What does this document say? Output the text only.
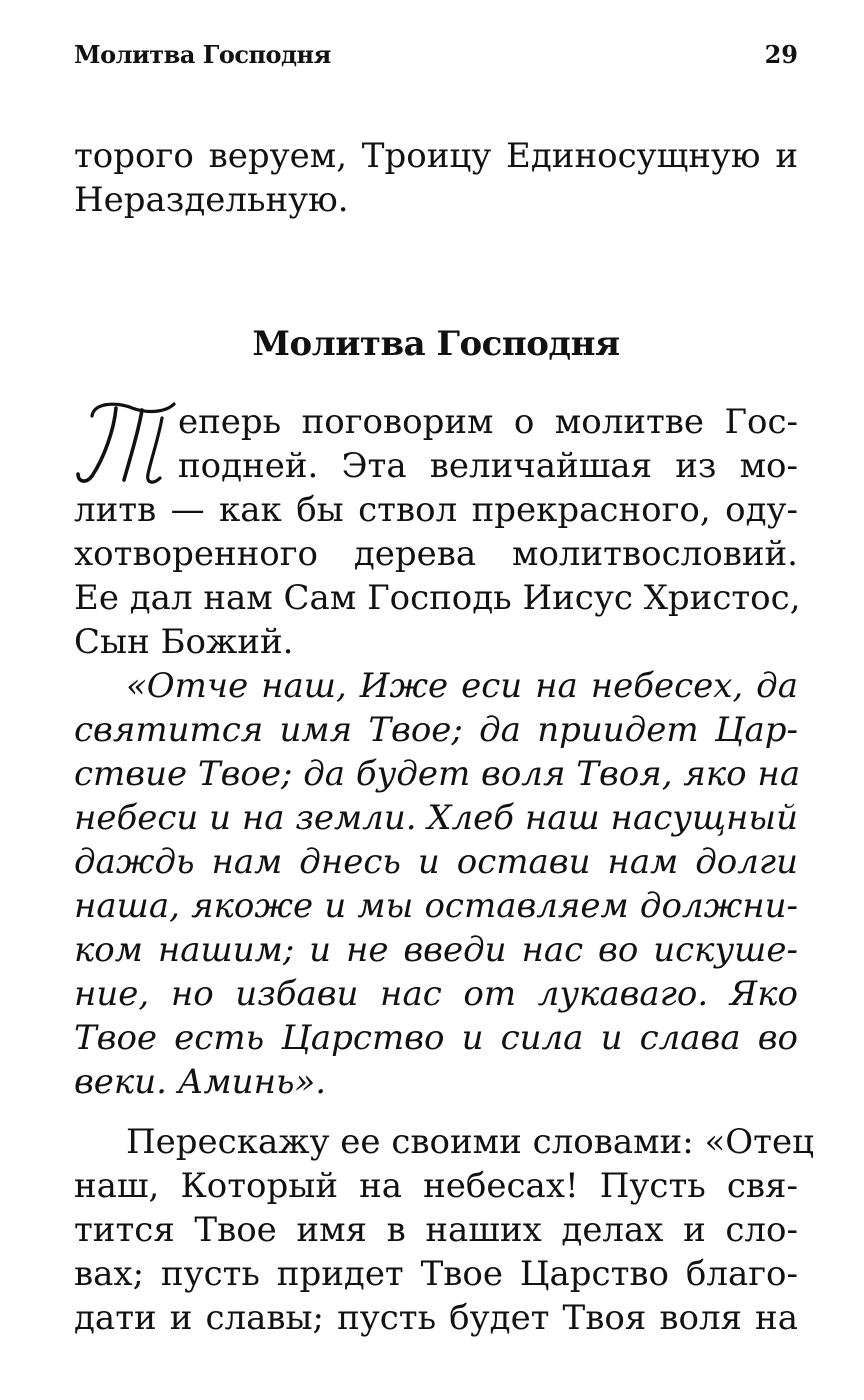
Молитва Господня	29
торого веруем, Троицу Единосущную и
Нераздельную.
Молитва Господня
еперь поговорим о молитве Гос-
подней. Эта величайшая из мо-
литв — как бы ствол прекрасного, оду-
хотворенного дерева молитвословий.
Ее дал нам Сам Господь Иисус Христос,
Сын Божий.
«Отче наш, Иже еси на небесех, да
святится имя Твое; да приидет Цар-
ствие Твое; да будет воля Твоя, яко на
небеси и на земли. Хлеб наш насущный
даждь нам днесь и остави нам долги
наша, якоже и мы оставляем должни-
ком нашим; и не введи нас во искуше-
ние, но избави нас от лукаваго. Яко
Твое есть Царство и сила и слава во
веки. Аминь».
Перескажу ее своими словами: «Отец
наш, Который на небесах! Пусть свя-
тится Твое имя в наших делах и сло-
вах; пусть придет Твое Царство благо-
дати и славы; пусть будет Твоя воля на
